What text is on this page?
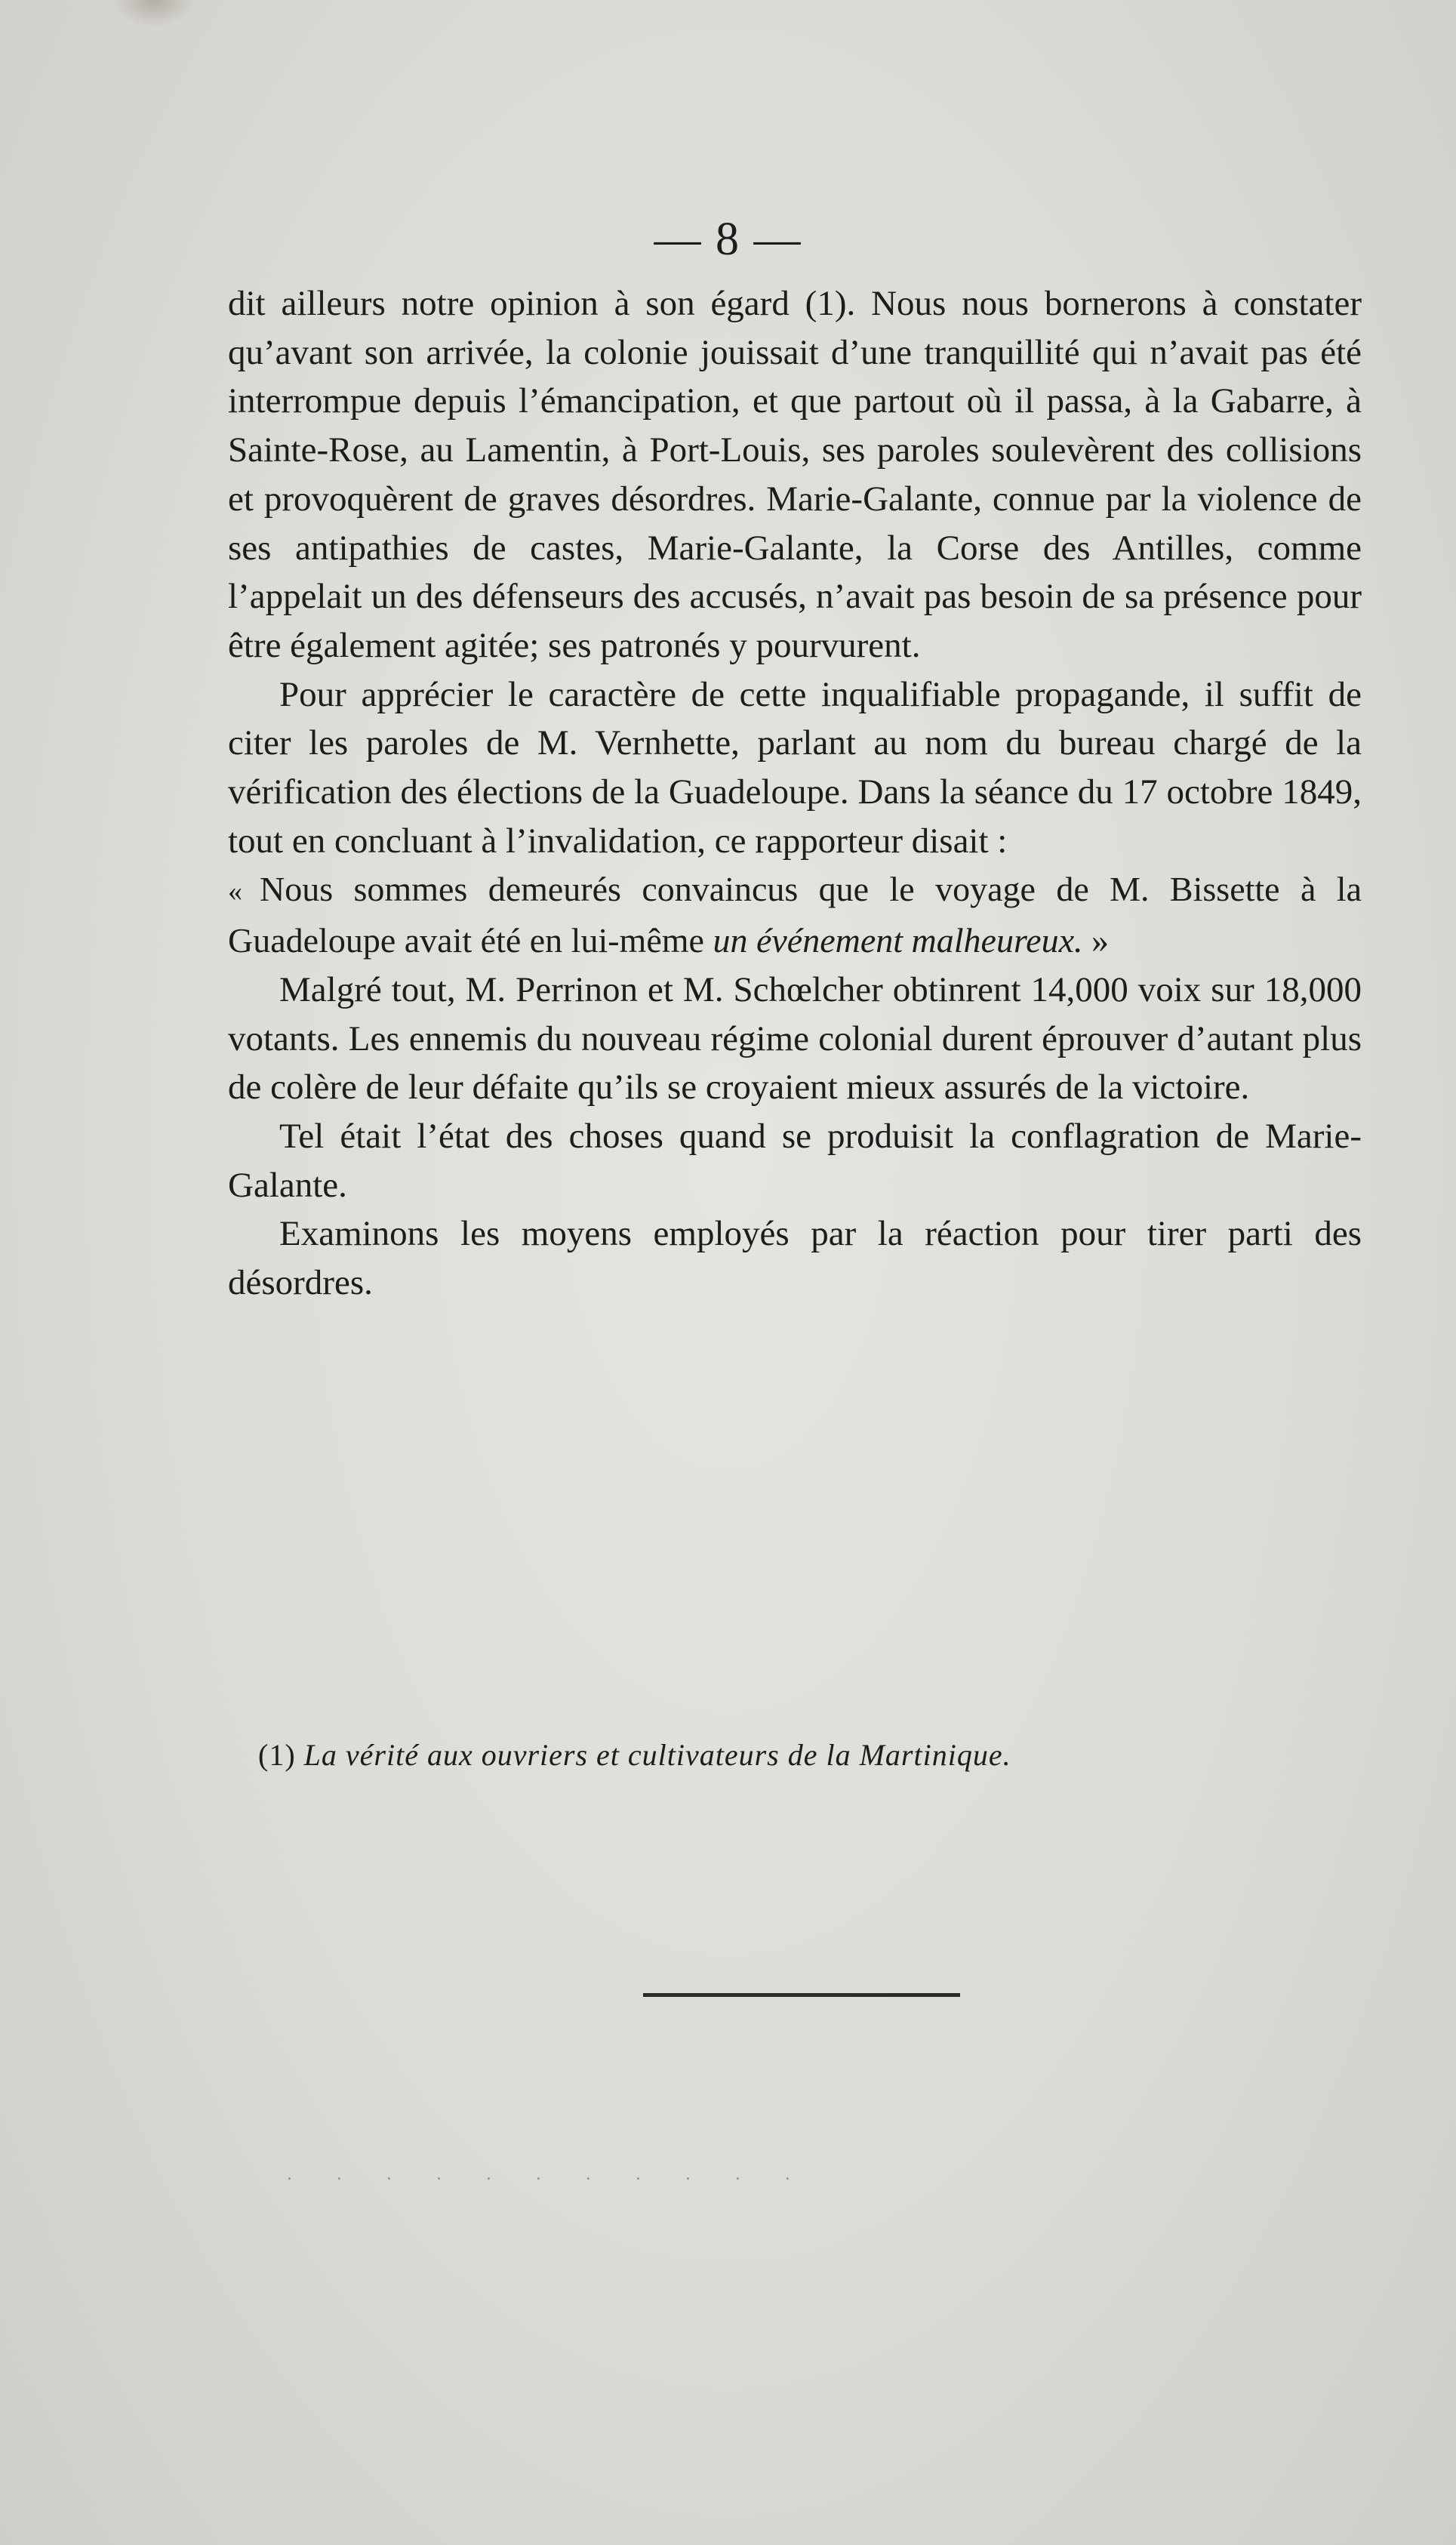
— 8 —

dit ailleurs notre opinion à son égard (1). Nous nous bornerons à constater qu’avant son arrivée, la colonie jouissait d’une tranquillité qui n’avait pas été interrompue depuis l’émancipation, et que partout où il passa, à la Gabarre, à Sainte-Rose, au Lamentin, à Port-Louis, ses paroles soulevèrent des collisions et provoquèrent de graves désordres. Marie-Galante, connue par la violence de ses antipathies de castes, Marie-Galante, la Corse des Antilles, comme l’appelait un des défenseurs des accusés, n’avait pas besoin de sa présence pour être également agitée; ses patronés y pourvurent.

Pour apprécier le caractère de cette inqualifiable propagande, il suffit de citer les paroles de M. Vernhette, parlant au nom du bureau chargé de la vérification des élections de la Guadeloupe. Dans la séance du 17 octobre 1849, tout en concluant à l’invalidation, ce rapporteur disait :

« Nous sommes demeurés convaincus que le voyage de M. Bissette à la Guadeloupe avait été en lui-même un événement malheureux. »

Malgré tout, M. Perrinon et M. Schœlcher obtinrent 14,000 voix sur 18,000 votants. Les ennemis du nouveau régime colonial durent éprouver d’autant plus de colère de leur défaite qu’ils se croyaient mieux assurés de la victoire.

Tel était l’état des choses quand se produisit la conflagration de Marie-Galante.

Examinons les moyens employés par la réaction pour tirer parti des désordres.

(1) La vérité aux ouvriers et cultivateurs de la Martinique.
. . . . . . . . . . .
